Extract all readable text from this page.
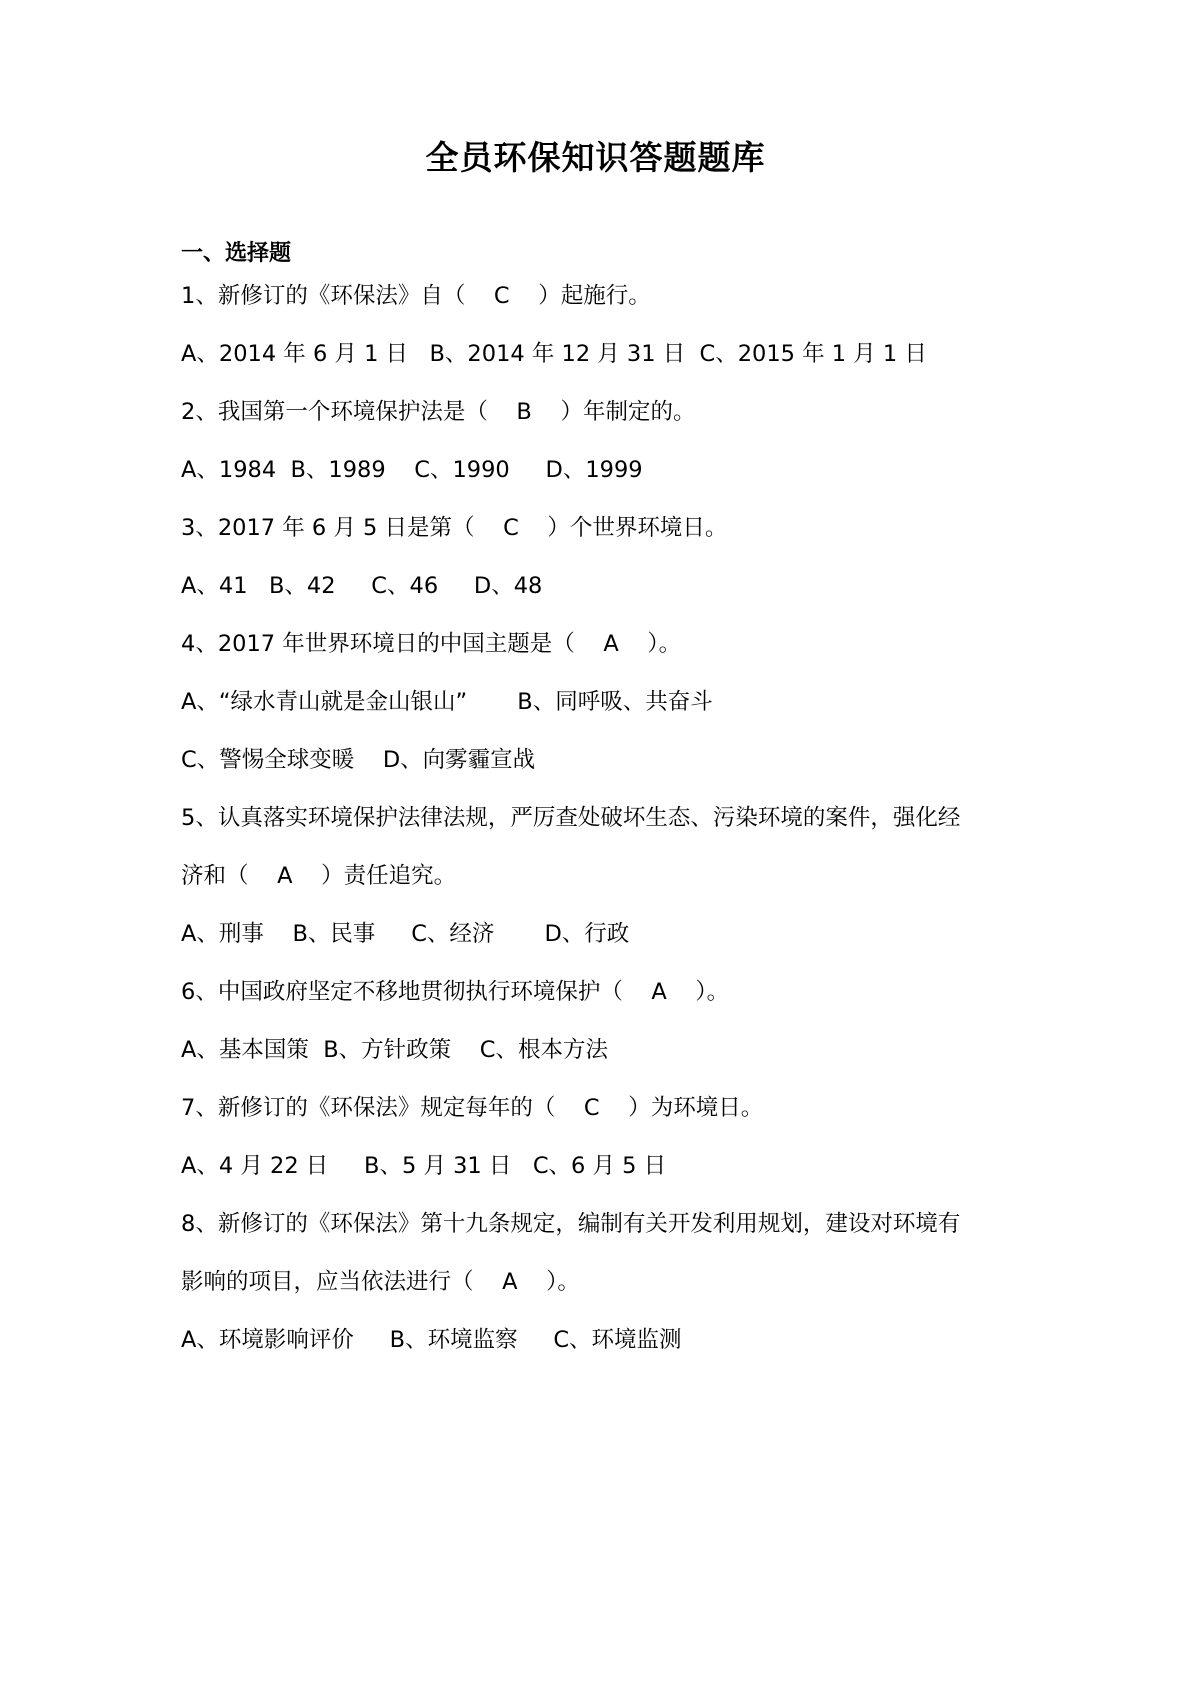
全员环保知识答题题库
一、选择题
1、新修订的《环保法》自（    C    ）起施行。
A、2014 年 6 月 1 日   B、2014 年 12 月 31 日  C、2015 年 1 月 1 日
2、我国第一个环境保护法是（    B    ）年制定的。
A、1984  B、1989    C、1990     D、1999
3、2017 年 6 月 5 日是第（    C    ）个世界环境日。
A、41   B、42     C、46     D、48
4、2017 年世界环境日的中国主题是（    A    ）。
A、“绿水青山就是金山银山”       B、同呼吸、共奋斗
C、警惕全球变暖    D、向雾霾宣战
5、认真落实环境保护法律法规，严厉查处破坏生态、污染环境的案件，强化经
济和（    A    ）责任追究。
A、刑事    B、民事     C、经济       D、行政
6、中国政府坚定不移地贯彻执行环境保护（    A    ）。
A、基本国策  B、方针政策    C、根本方法
7、新修订的《环保法》规定每年的（    C    ）为环境日。
A、4 月 22 日     B、5 月 31 日   C、6 月 5 日
8、新修订的《环保法》第十九条规定，编制有关开发利用规划，建设对环境有
影响的项目，应当依法进行（    A    ）。
A、环境影响评价     B、环境监察     C、环境监测
